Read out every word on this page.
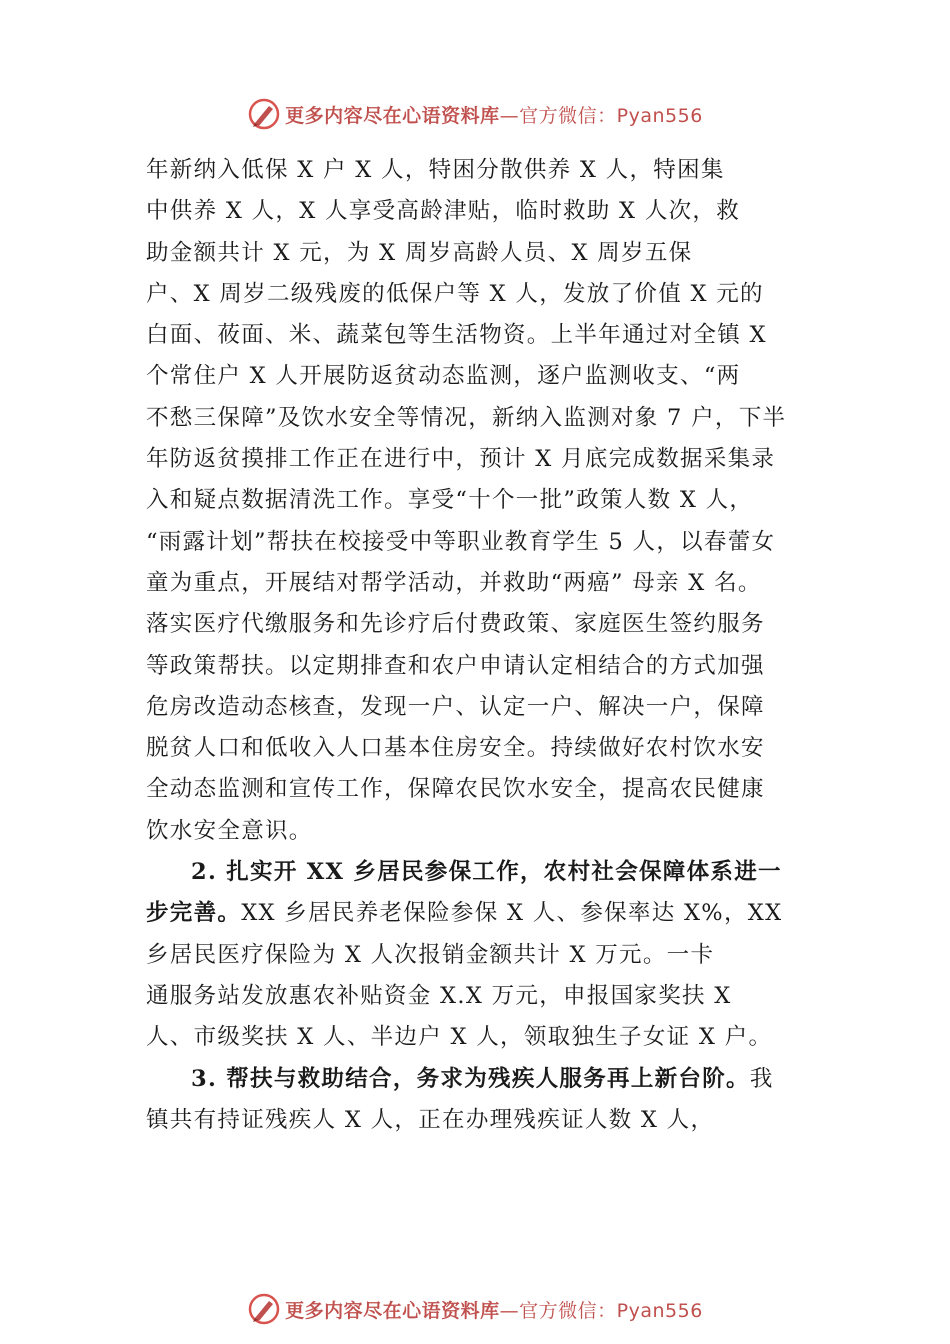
更多内容尽在心语资料库 —官方微信：Pyan556
年新纳入低保 X 户 X 人，特困分散供养 X 人，特困集
中供养 X 人，X 人享受高龄津贴，临时救助 X 人次，救
助金额共计 X 元，为 X 周岁高龄人员、X 周岁五保
户、X 周岁二级残废的低保户等 X 人，发放了价值 X 元的
白面、莜面、米、蔬菜包等生活物资。上半年通过对全镇 X
个常住户 X 人开展防返贫动态监测，逐户监测收支、“两
不愁三保障”及饮水安全等情况，新纳入监测对象 7 户，下半
年防返贫摸排工作正在进行中，预计 X 月底完成数据采集录
入和疑点数据清洗工作。享受“十个一批”政策人数 X 人，
“雨露计划”帮扶在校接受中等职业教育学生 5 人，以春蕾女
童为重点，开展结对帮学活动，并救助“两癌” 母亲 X 名。
落实医疗代缴服务和先诊疗后付费政策、家庭医生签约服务
等政策帮扶。以定期排查和农户申请认定相结合的方式加强
危房改造动态核查，发现一户、认定一户、解决一户，保障
脱贫人口和低收入人口基本住房安全。持续做好农村饮水安
全动态监测和宣传工作，保障农民饮水安全，提高农民健康
饮水安全意识。
2. 扎实开 XX 乡居民参保工作，农村社会保障体系进一
步完善。XX 乡居民养老保险参保 X 人、参保率达 X%，XX
乡居民医疗保险为 X 人次报销金额共计 X 万元。一卡
通服务站发放惠农补贴资金 X.X 万元，申报国家奖扶 X
人、市级奖扶 X 人、半边户 X 人，领取独生子女证 X 户。
3. 帮扶与救助结合，务求为残疾人服务再上新台阶。我
镇共有持证残疾人 X 人，正在办理残疾证人数 X 人，
更多内容尽在心语资料库 —官方微信：Pyan556
